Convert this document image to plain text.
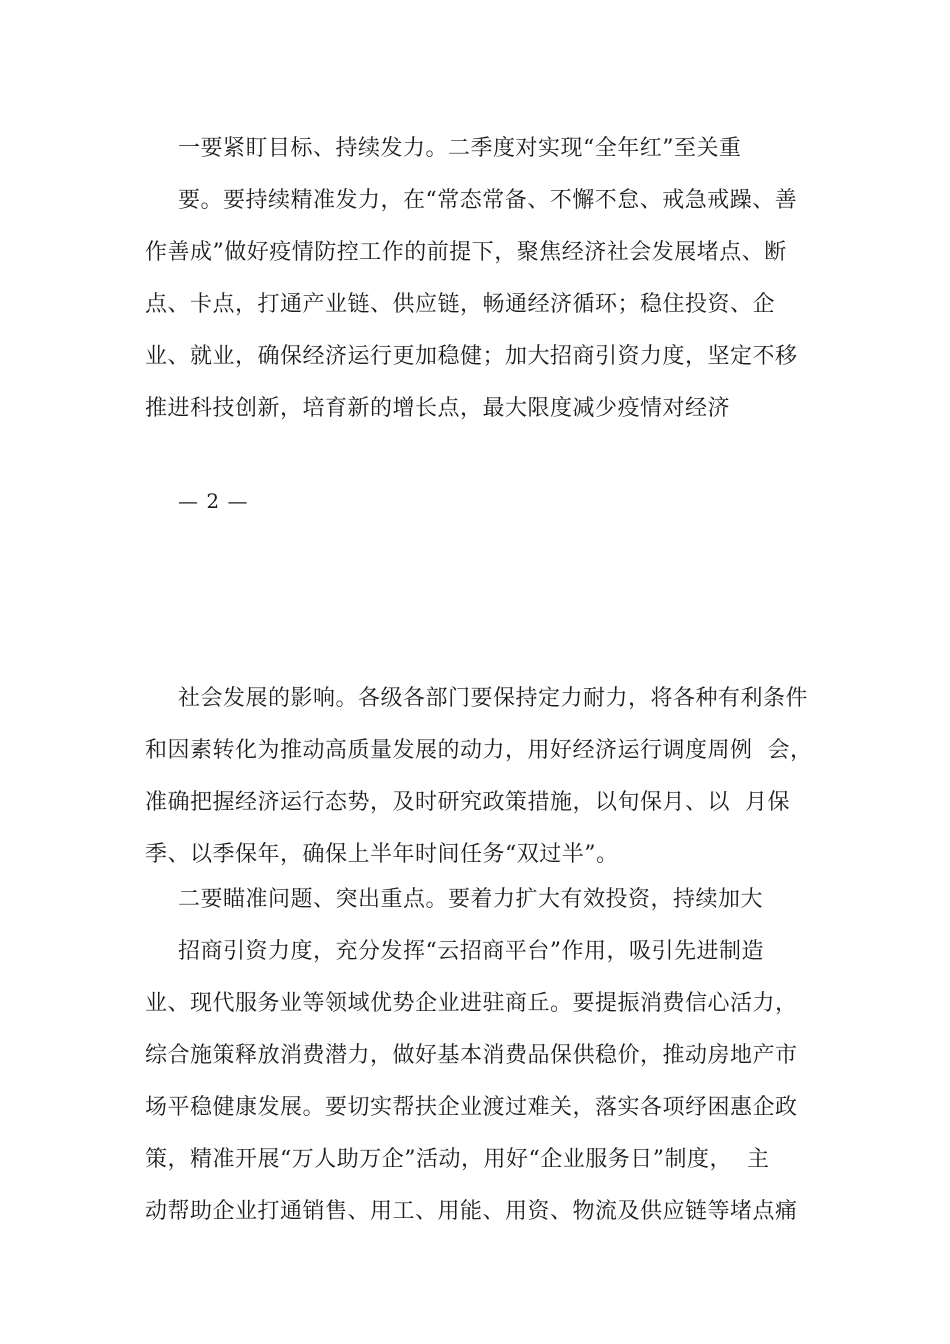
一要紧盯目标、持续发力。二季度对实现“全年红”至关重
要。要持续精准发力，在“常态常备、不懈不怠、戒急戒躁、善
作善成”做好疫情防控工作的前提下，聚焦经济社会发展堵点、断
点、卡点，打通产业链、供应链，畅通经济循环；稳住投资、企
业、就业，确保经济运行更加稳健；加大招商引资力度，坚定不移
推进科技创新，培育新的增长点，最大限度减少疫情对经济
— 2 —
社会发展的影响。各级各部门要保持定力耐力，将各种有利条件
和因素转化为推动高质量发展的动力，用好经济运行调度周例  会，
准确把握经济运行态势，及时研究政策措施，以旬保月、以  月保
季、以季保年，确保上半年时间任务“双过半”。
二要瞄准问题、突出重点。要着力扩大有效投资，持续加大
招商引资力度，充分发挥“云招商平台”作用，吸引先进制造
业、现代服务业等领域优势企业进驻商丘。要提振消费信心活力，
综合施策释放消费潜力，做好基本消费品保供稳价，推动房地产市
场平稳健康发展。要切实帮扶企业渡过难关，落实各项纾困惠企政
策，精准开展“万人助万企”活动，用好“企业服务日”制度，  主
动帮助企业打通销售、用工、用能、用资、物流及供应链等堵点痛
